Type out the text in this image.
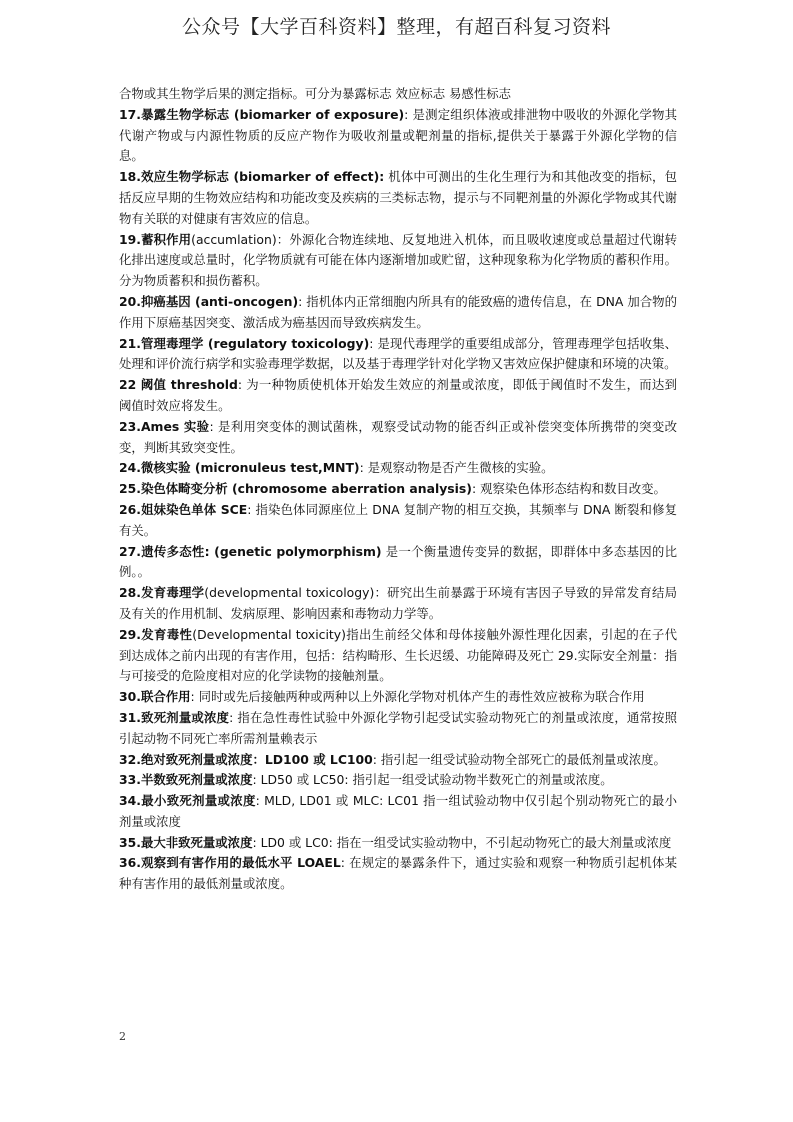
公众号【大学百科资料】整理，有超百科复习资料

合物或其生物学后果的测定指标。可分为暴露标志 效应标志 易感性标志

17.暴露生物学标志 (biomarker of exposure): 是测定组织体液或排泄物中吸收的外源化学物其代谢产物或与内源性物质的反应产物作为吸收剂量或靶剂量的指标,提供关于暴露于外源化学物的信息。

18.效应生物学标志 (biomarker of effect): 机体中可测出的生化生理行为和其他改变的指标，包括反应早期的生物效应结构和功能改变及疾病的三类标志物，提示与不同靶剂量的外源化学物或其代谢物有关联的对健康有害效应的信息。

19.蓄积作用(accumlation)：外源化合物连续地、反复地进入机体，而且吸收速度或总量超过代谢转化排出速度或总量时，化学物质就有可能在体内逐渐增加或贮留，这种现象称为化学物质的蓄积作用。分为物质蓄积和损伤蓄积。

20.抑癌基因 (anti-oncogen): 指机体内正常细胞内所具有的能致癌的遗传信息，在 DNA 加合物的作用下原癌基因突变、激活成为癌基因而导致疾病发生。

21.管理毒理学 (regulatory toxicology): 是现代毒理学的重要组成部分，管理毒理学包括收集、处理和评价流行病学和实验毒理学数据，以及基于毒理学针对化学物又害效应保护健康和环境的决策。

22 阈值 threshold: 为一种物质使机体开始发生效应的剂量或浓度，即低于阈值时不发生，而达到阈值时效应将发生。

23.Ames 实验: 是利用突变体的测试菌株，观察受试动物的能否纠正或补偿突变体所携带的突变改变，判断其致突变性。

24.微核实验 (micronuleus test,MNT): 是观察动物是否产生微核的实验。

25.染色体畸变分析 (chromosome aberration analysis): 观察染色体形态结构和数目改变。

26.姐妹染色单体 SCE: 指染色体同源座位上 DNA 复制产物的相互交换，其频率与 DNA 断裂和修复有关。

27.遗传多态性: (genetic polymorphism) 是一个衡量遗传变异的数据，即群体中多态基因的比例。。

28.发育毒理学(developmental toxicology)：研究出生前暴露于环境有害因子导致的异常发育结局及有关的作用机制、发病原理、影响因素和毒物动力学等。

29.发育毒性(Developmental toxicity)指出生前经父体和母体接触外源性理化因素，引起的在子代到达成体之前内出现的有害作用，包括：结构畸形、生长迟缓、功能障碍及死亡 29.实际安全剂量：指与可接受的危险度相对应的化学读物的接触剂量。

30.联合作用: 同时或先后接触两种或两种以上外源化学物对机体产生的毒性效应被称为联合作用

31.致死剂量或浓度: 指在急性毒性试验中外源化学物引起受试实验动物死亡的剂量或浓度，通常按照引起动物不同死亡率所需剂量赖表示

32.绝对致死剂量或浓度：LD100 或 LC100: 指引起一组受试验动物全部死亡的最低剂量或浓度。

33.半数致死剂量或浓度: LD50 或 LC50: 指引起一组受试验动物半数死亡的剂量或浓度。

34.最小致死剂量或浓度: MLD, LD01 或 MLC: LC01 指一组试验动物中仅引起个别动物死亡的最小剂量或浓度

35.最大非致死量或浓度: LD0 或 LC0: 指在一组受试实验动物中，不引起动物死亡的最大剂量或浓度

36.观察到有害作用的最低水平 LOAEL: 在规定的暴露条件下，通过实验和观察一种物质引起机体某种有害作用的最低剂量或浓度。

2
